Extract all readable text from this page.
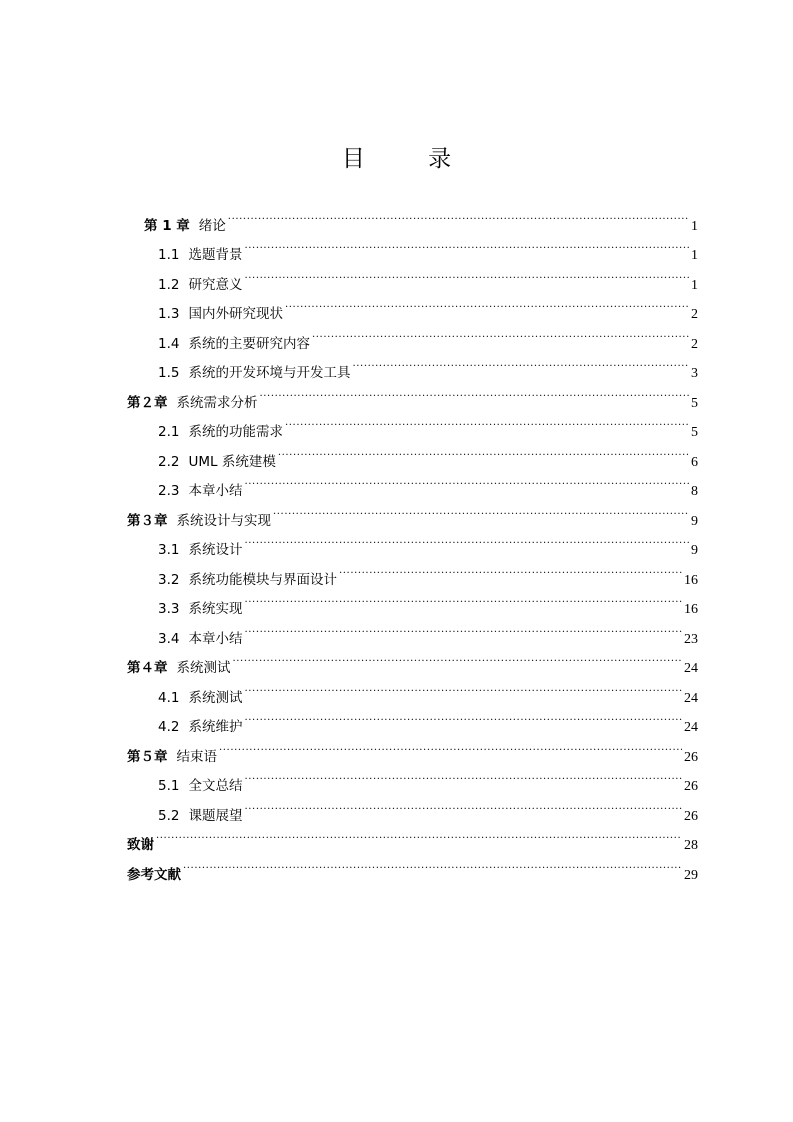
目 录
第 1 章 绪论 .....	1
1.1 选题背景 .....	1
1.2 研究意义 .....	1
1.3 国内外研究现状 .....	2
1.4 系统的主要研究内容 .....	2
1.5 系统的开发环境与开发工具 .....	3
第２章 系统需求分析 .....	5
2.1 系统的功能需求 .....	5
2.2 UML 系统建模 .....	6
2.3 本章小结 .....	8
第３章 系统设计与实现 .....	9
3.1 系统设计 .....	9
3.2 系统功能模块与界面设计 .....	16
3.3 系统实现 .....	16
3.4 本章小结 .....	23
第４章 系统测试 .....	24
4.1 系统测试 .....	24
4.2 系统维护 .....	24
第５章 结束语 .....	26
5.1 全文总结 .....	26
5.2 课题展望 .....	26
致谢 .....	28
参考文献 .....	29
